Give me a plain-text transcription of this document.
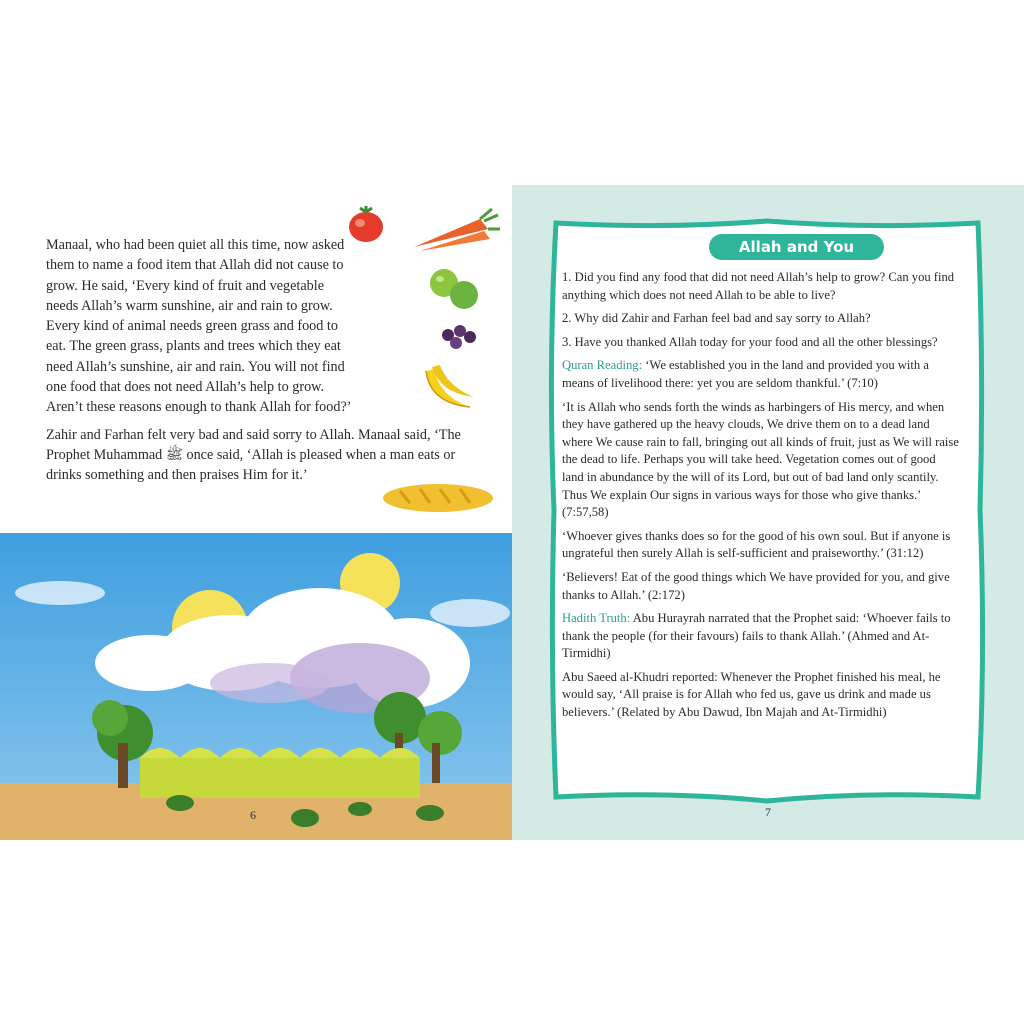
Manaal, who had been quiet all this time, now asked them to name a food item that Allah did not cause to grow. He said, ‘Every kind of fruit and vegetable needs Allah’s warm sunshine, air and rain to grow. Every kind of animal needs green grass and food to eat. The green grass, plants and trees which they eat need Allah’s sunshine, air and rain. You will not find one food that does not need Allah’s help to grow. Aren’t these reasons enough to thank Allah for food?’

Zahir and Farhan felt very bad and said sorry to Allah. Manaal said, ‘The Prophet Muhammad ﷺ once said, ‘Allah is pleased when a man eats or drinks something and then praises Him for it.’

6
Allah and You

1. Did you find any food that did not need Allah’s help to grow? Can you find anything which does not need Allah to be able to live?

2. Why did Zahir and Farhan feel bad and say sorry to Allah?

3. Have you thanked Allah today for your food and all the other blessings?

Quran Reading: ‘We established you in the land and provided you with a means of livelihood there: yet you are seldom thankful.’ (7:10)

‘It is Allah who sends forth the winds as harbingers of His mercy, and when they have gathered up the heavy clouds, We drive them on to a dead land where We cause rain to fall, bringing out all kinds of fruit, just as We will raise the dead to life. Perhaps you will take heed. Vegetation comes out of good land in abundance by the will of its Lord, but out of bad land only scantily. Thus We explain Our signs in various ways for those who give thanks.’ (7:57,58)

‘Whoever gives thanks does so for the good of his own soul. But if anyone is ungrateful then surely Allah is self-sufficient and praiseworthy.’ (31:12)

‘Believers! Eat of the good things which We have provided for you, and give thanks to Allah.’ (2:172)

Hadith Truth: Abu Hurayrah narrated that the Prophet said: ‘Whoever fails to thank the people (for their favours) fails to thank Allah.’ (Ahmed and At-Tirmidhi)

Abu Saeed al-Khudri reported: Whenever the Prophet finished his meal, he would say, ‘All praise is for Allah who fed us, gave us drink and made us believers.’ (Related by Abu Dawud, Ibn Majah and At-Tirmidhi)

7
